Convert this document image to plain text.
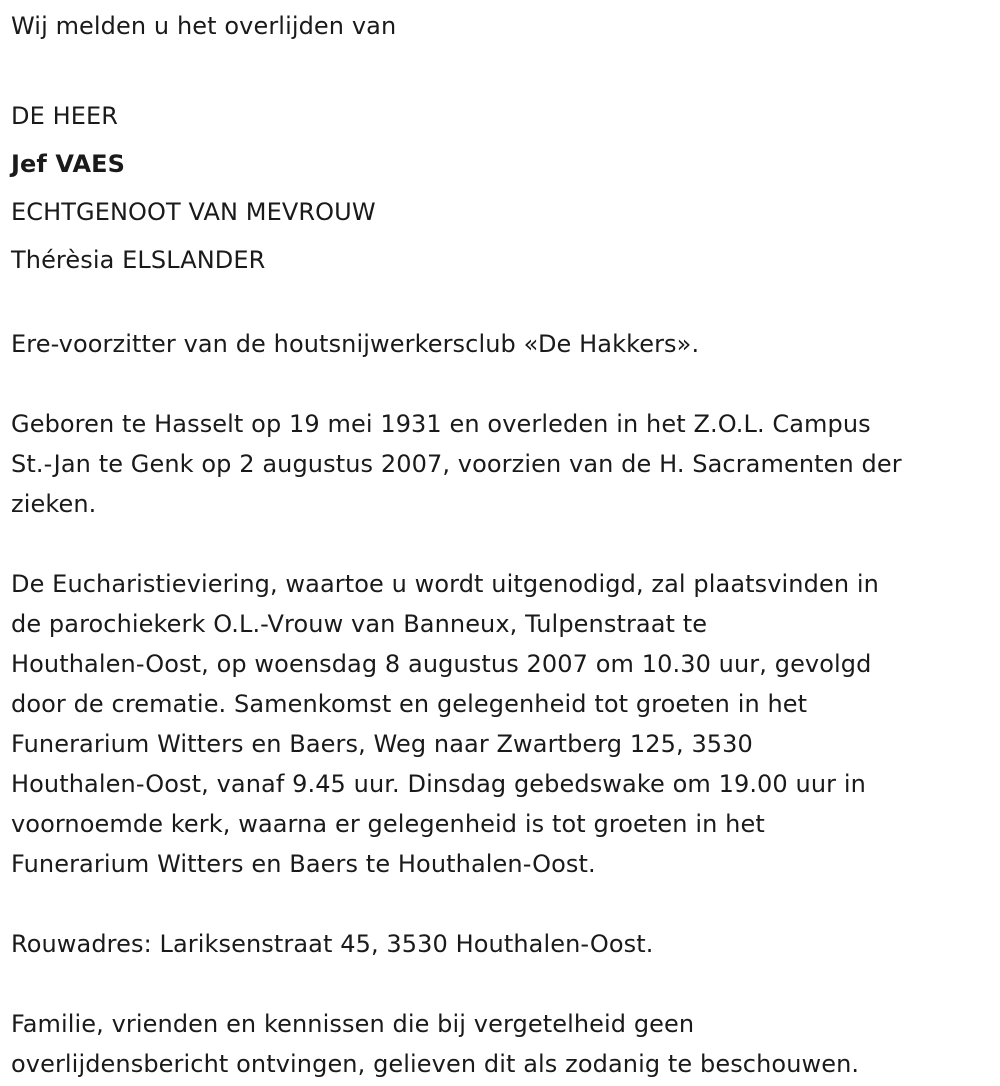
Wij melden u het overlijden van

DE HEER

Jef VAES

ECHTGENOOT VAN MEVROUW

Thérèsia ELSLANDER

Ere-voorzitter van de houtsnijwerkersclub «De Hakkers».

Geboren te Hasselt op 19 mei 1931 en overleden in het Z.O.L. Campus

St.-Jan te Genk op 2 augustus 2007, voorzien van de H. Sacramenten der

zieken.

De Eucharistieviering, waartoe u wordt uitgenodigd, zal plaatsvinden in

de parochiekerk O.L.-Vrouw van Banneux, Tulpenstraat te

Houthalen-Oost, op woensdag 8 augustus 2007 om 10.30 uur, gevolgd

door de crematie. Samenkomst en gelegenheid tot groeten in het

Funerarium Witters en Baers, Weg naar Zwartberg 125, 3530

Houthalen-Oost, vanaf 9.45 uur. Dinsdag gebedswake om 19.00 uur in

voornoemde kerk, waarna er gelegenheid is tot groeten in het

Funerarium Witters en Baers te Houthalen-Oost.

Rouwadres: Lariksenstraat 45, 3530 Houthalen-Oost.

Familie, vrienden en kennissen die bij vergetelheid geen

overlijdensbericht ontvingen, gelieven dit als zodanig te beschouwen.
